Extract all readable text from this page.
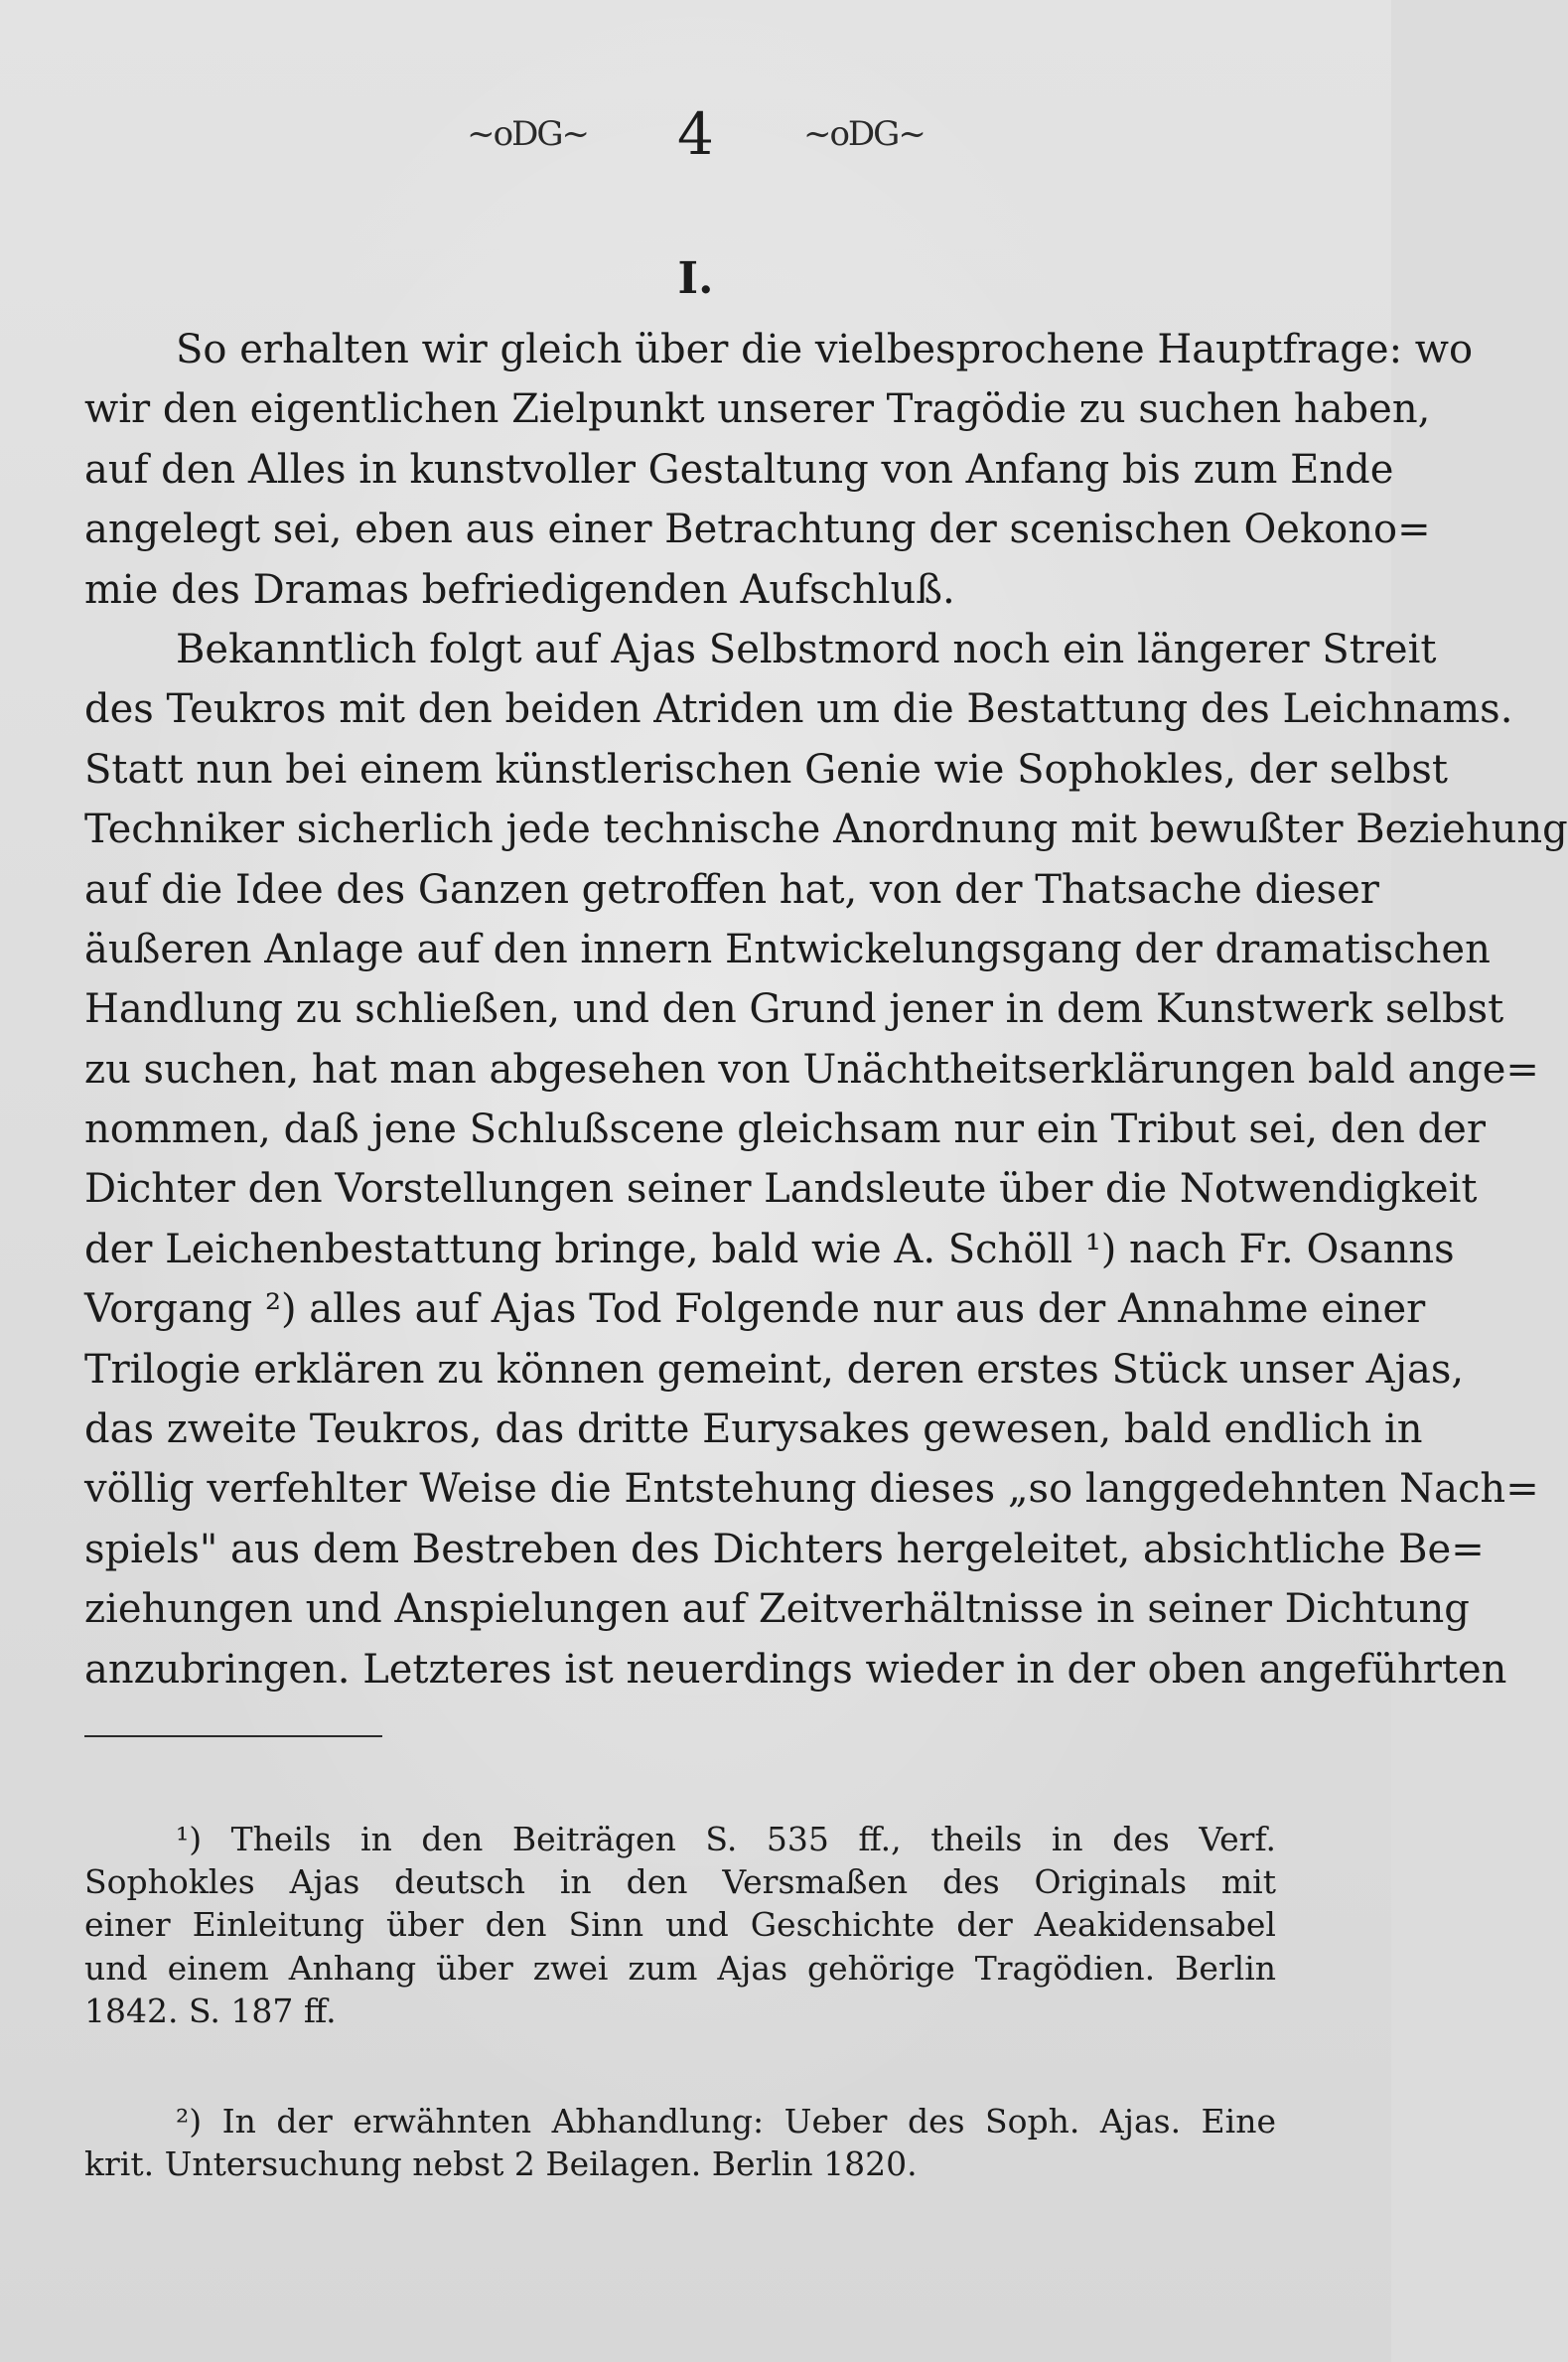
~oDG~ 4	~oDG~
I.
So erhalten wir gleich über die vielbesprochene Hauptfrage: wo
wir den eigentlichen Zielpunkt unserer Tragödie zu suchen haben,
auf den Alles in kunstvoller Gestaltung von Anfang bis zum Ende
angelegt sei, eben aus einer Betrachtung der scenischen Oekono=
mie des Dramas befriedigenden Aufschluß.
Bekanntlich folgt auf Ajas Selbstmord noch ein längerer Streit
des Teukros mit den beiden Atriden um die Bestattung des Leichnams.
Statt nun bei einem künstlerischen Genie wie Sophokles, der selbst
Techniker sicherlich jede technische Anordnung mit bewußter Beziehung
auf die Idee des Ganzen getroffen hat, von der Thatsache dieser
äußeren Anlage auf den innern Entwickelungsgang der dramatischen
Handlung zu schließen, und den Grund jener in dem Kunstwerk selbst
zu suchen, hat man abgesehen von Unächtheitserklärungen bald ange=
nommen, daß jene Schlußscene gleichsam nur ein Tribut sei, den der
Dichter den Vorstellungen seiner Landsleute über die Notwendigkeit
der Leichenbestattung bringe, bald wie A. Schöll ¹) nach Fr. Osanns
Vorgang ²) alles auf Ajas Tod Folgende nur aus der Annahme einer
Trilogie erklären zu können gemeint, deren erstes Stück unser Ajas,
das zweite Teukros, das dritte Eurysakes gewesen, bald endlich in
völlig verfehlter Weise die Entstehung dieses „so langgedehnten Nach=
spiels" aus dem Bestreben des Dichters hergeleitet, absichtliche Be=
ziehungen und Anspielungen auf Zeitverhältnisse in seiner Dichtung
anzubringen. Letzteres ist neuerdings wieder in der oben angeführten
¹) Theils in den Beiträgen S. 535 ff., theils in des Verf.
Sophokles Ajas deutsch in den Versmaßen des Originals mit
einer Einleitung über den Sinn und Geschichte der Aeakidensabel
und einem Anhang über zwei zum Ajas gehörige Tragödien. Berlin
1842. S. 187 ff.
²) In der erwähnten Abhandlung: Ueber des Soph. Ajas. Eine
krit. Untersuchung nebst 2 Beilagen. Berlin 1820.
